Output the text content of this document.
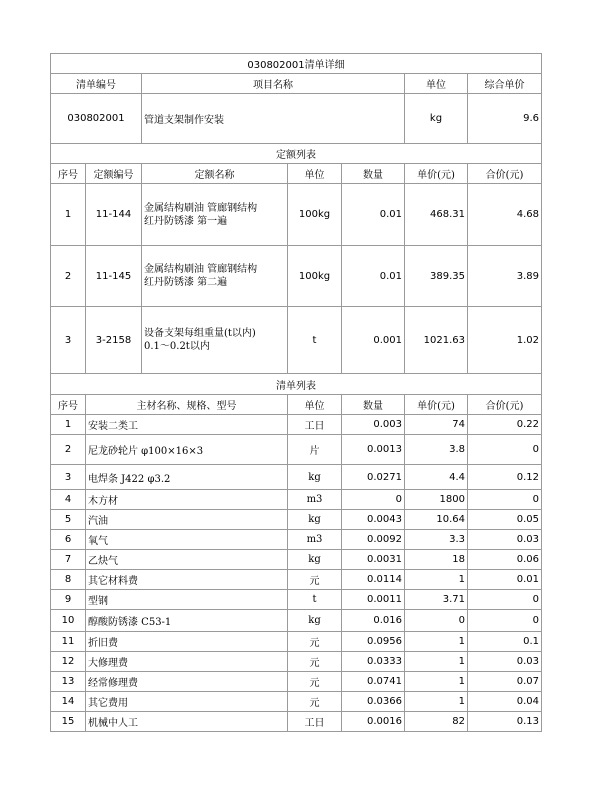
030802001清单详细						
清单编号		项目名称			单位	综合单价
030802001		管道支架制作安装			kg	9.6
定额列表						
序号	定额编号	定额名称	单位	数量	单价(元)	合价(元)
1	11-144	金属结构刷油 管廊钢结构
红丹防锈漆 第一遍	100kg	0.01	468.31	4.68
2	11-145	金属结构刷油 管廊钢结构
红丹防锈漆 第二遍	100kg	0.01	389.35	3.89
3	3-2158	设备支架每组重量(t以内)
0.1～0.2t以内	t	0.001	1021.63	1.02
清单列表						
序号	主材名称、规格、型号		单位	数量	单价(元)	合价(元)
1	安装二类工		工日	0.003	74	0.22
2	尼龙砂轮片 φ100×16×3		片	0.0013	3.8	0
3	电焊条 J422 φ3.2		kg	0.0271	4.4	0.12
4	木方材		m3	0	1800	0
5	汽油		kg	0.0043	10.64	0.05
6	氧气		m3	0.0092	3.3	0.03
7	乙炔气		kg	0.0031	18	0.06
8	其它材料费		元	0.0114	1	0.01
9	型钢		t	0.0011	3.71	0
10	醇酸防锈漆 C53-1		kg	0.016	0	0
11	折旧费		元	0.0956	1	0.1
12	大修理费		元	0.0333	1	0.03
13	经常修理费		元	0.0741	1	0.07
14	其它费用		元	0.0366	1	0.04
15	机械中人工		工日	0.0016	82	0.13
